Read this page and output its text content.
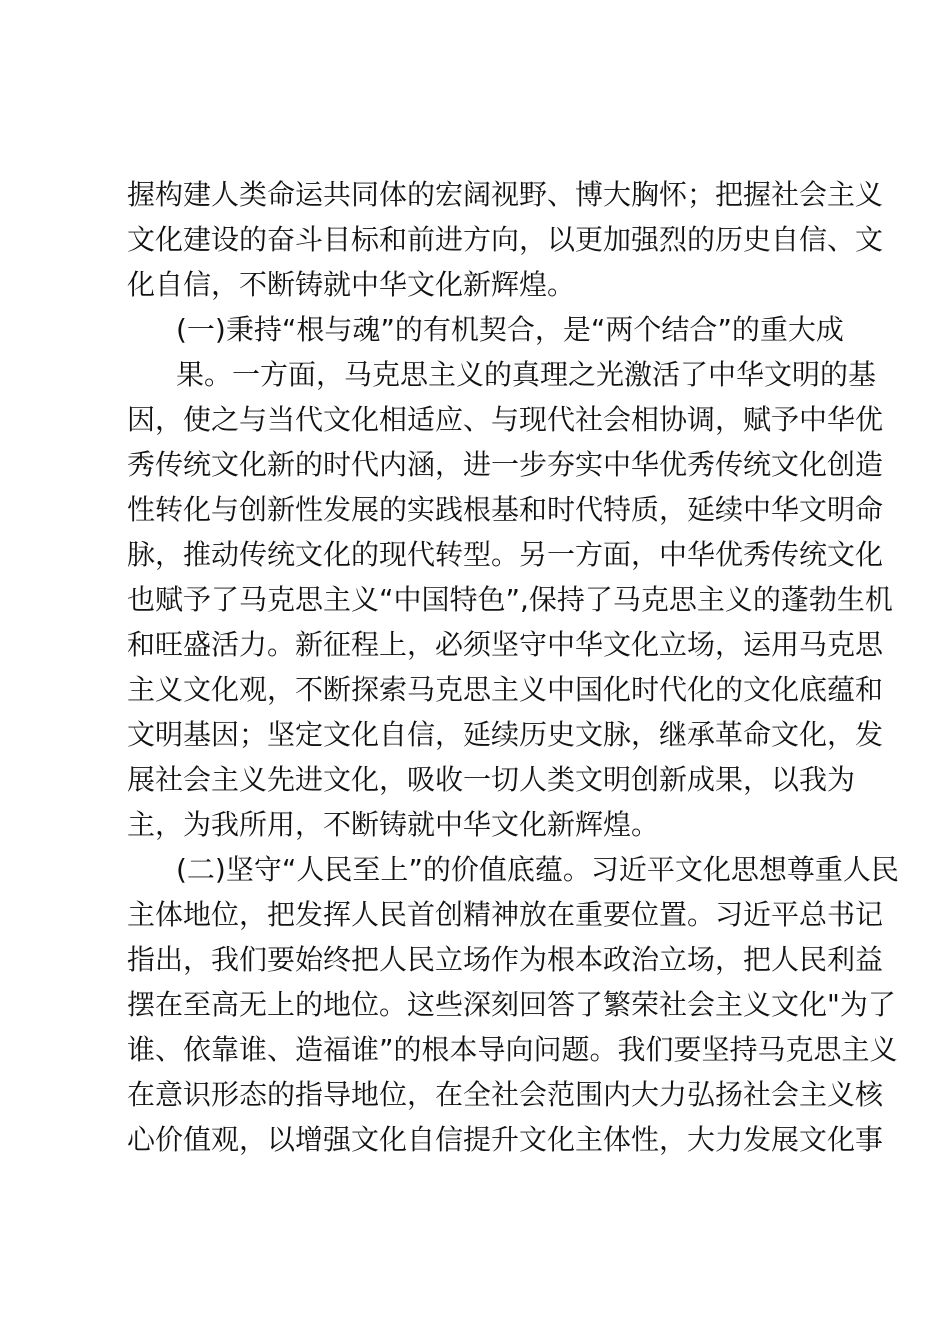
握构建人类命运共同体的宏阔视野、博大胸怀；把握社会主义
文化建设的奋斗目标和前进方向，以更加强烈的历史自信、文
化自信，不断铸就中华文化新辉煌。
(一)秉持“根与魂”的有机契合，是“两个结合”的重大成
果。一方面，马克思主义的真理之光激活了中华文明的基
因，使之与当代文化相适应、与现代社会相协调，赋予中华优
秀传统文化新的时代内涵，进一步夯实中华优秀传统文化创造
性转化与创新性发展的实践根基和时代特质，延续中华文明命
脉，推动传统文化的现代转型。另一方面，中华优秀传统文化
也赋予了马克思主义“中国特色”,保持了马克思主义的蓬勃生机
和旺盛活力。新征程上，必须坚守中华文化立场，运用马克思
主义文化观，不断探索马克思主义中国化时代化的文化底蕴和
文明基因；坚定文化自信，延续历史文脉，继承革命文化，发
展社会主义先进文化，吸收一切人类文明创新成果，以我为
主，为我所用，不断铸就中华文化新辉煌。
(二)坚守“人民至上”的价值底蕴。习近平文化思想尊重人民
主体地位，把发挥人民首创精神放在重要位置。习近平总书记
指出，我们要始终把人民立场作为根本政治立场，把人民利益
摆在至高无上的地位。这些深刻回答了繁荣社会主义文化"为了
谁、依靠谁、造福谁”的根本导向问题。我们要坚持马克思主义
在意识形态的指导地位，在全社会范围内大力弘扬社会主义核
心价值观，以增强文化自信提升文化主体性，大力发展文化事
